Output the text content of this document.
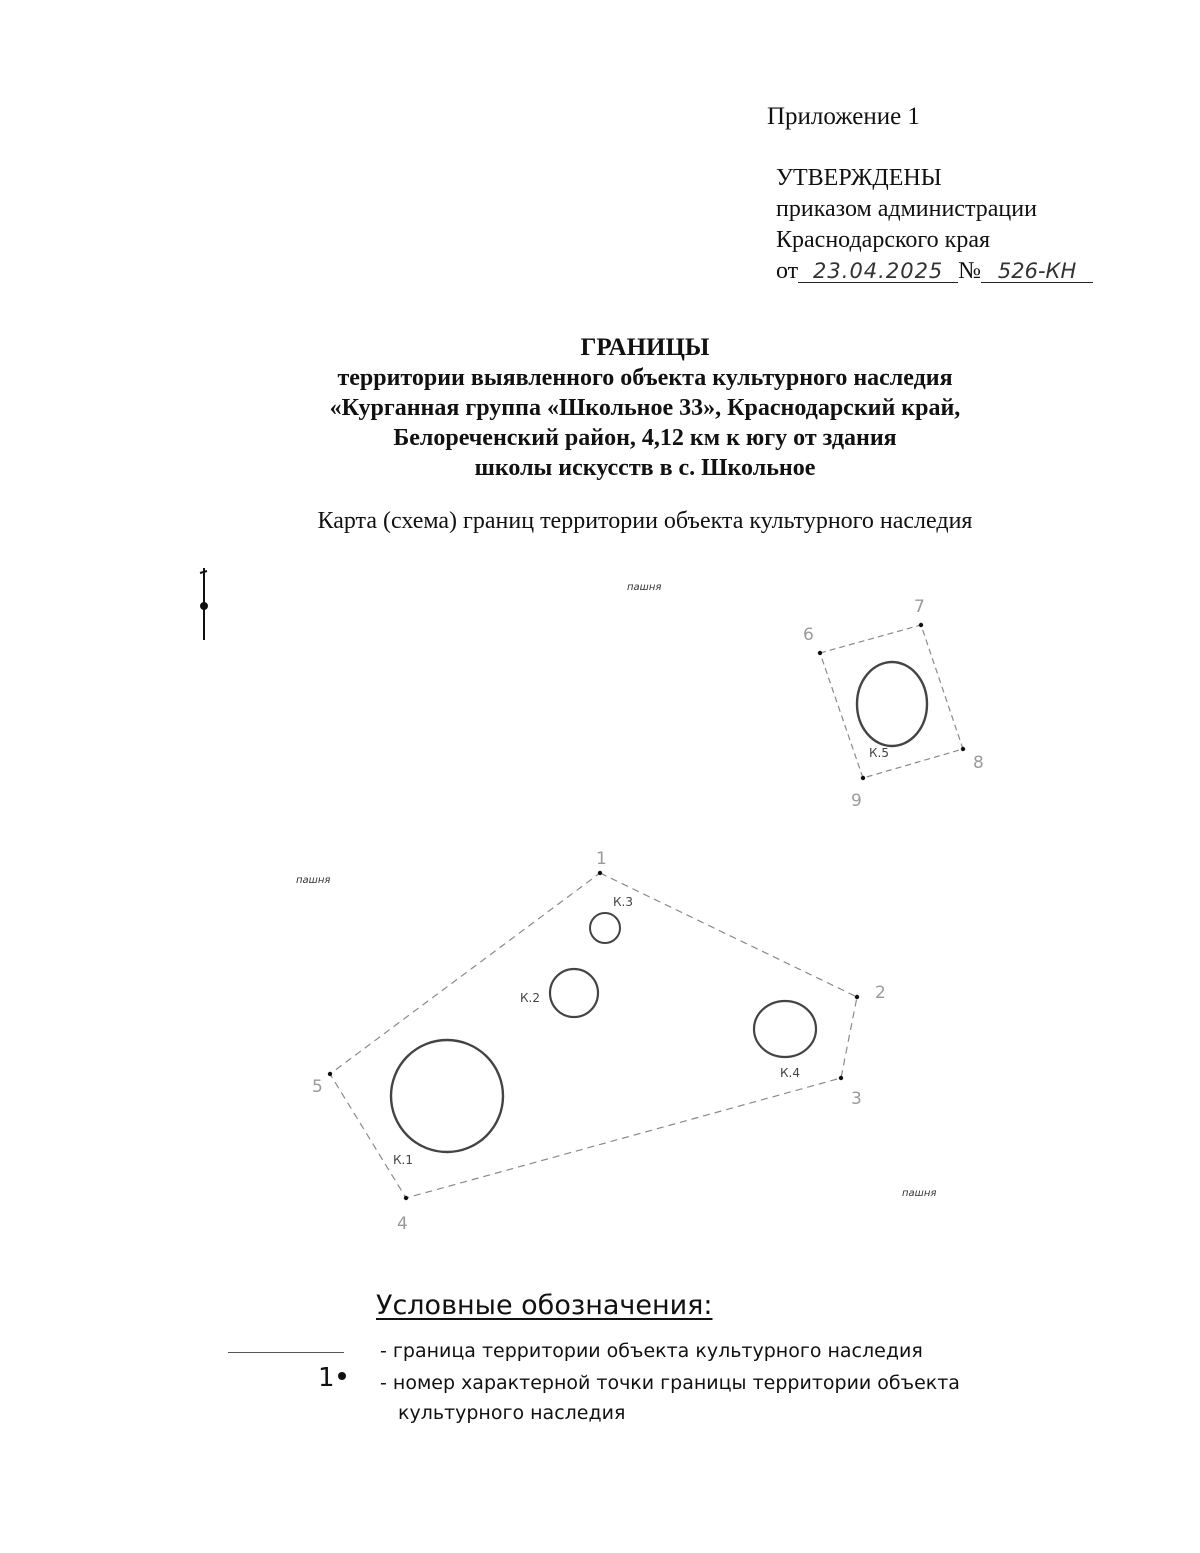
Приложение 1
УТВЕРЖДЕНЫ
приказом администрации
Краснодарского края
от 23.04.2025 № 526-КН
ГРАНИЦЫ
территории выявленного объекта культурного наследия
«Курганная группа «Школьное 33», Краснодарский край,
Белореченский район, 4,12 км к югу от здания
школы искусств в с. Школьное
Карта (схема) границ территории объекта культурного наследия
пашня
пашня
пашня
К.1
К.2
К.3
К.4
К.5
1
2
3
4
5
6
7
8
9
Условные обозначения:
- граница территории объекта культурного наследия
1 - номер характерной точки границы территории объекта
культурного наследия
